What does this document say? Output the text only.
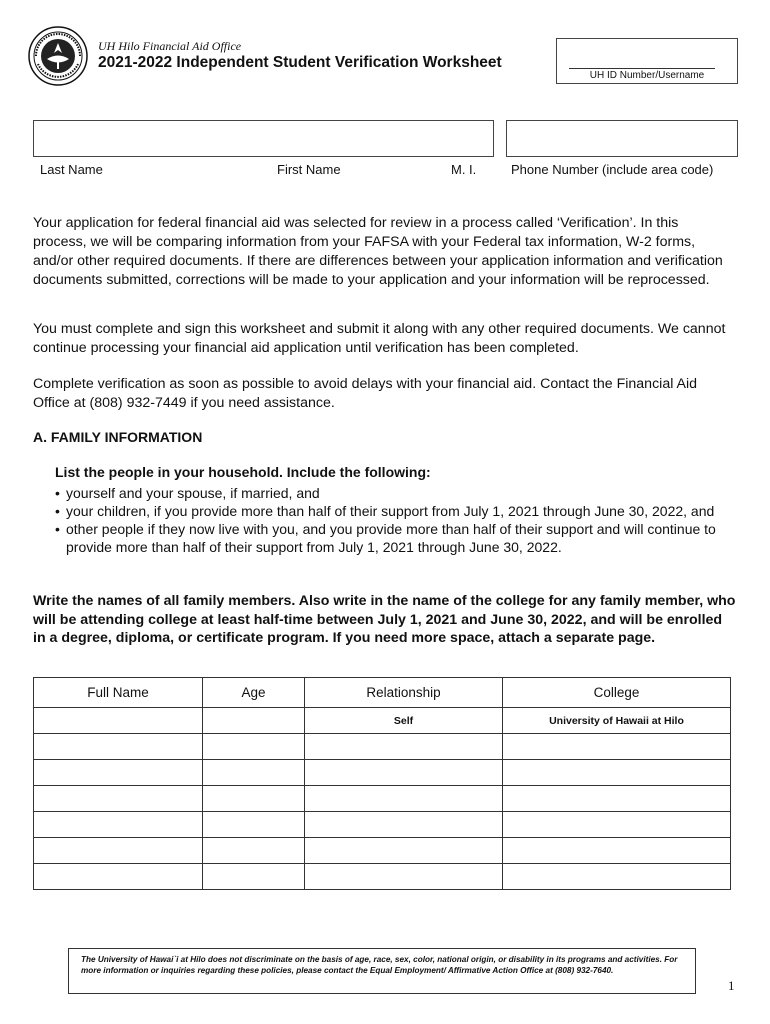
UH Hilo Financial Aid Office
2021-2022 Independent Student Verification Worksheet
UH ID Number/Username
Last Name	First Name	M. I.	Phone Number (include area code)

Your application for federal financial aid was selected for review in a process called ‘Verification’. In this process, we will be comparing information from your FAFSA with your Federal tax information, W-2 forms, and/or other required documents. If there are differences between your application information and verification documents submitted, corrections will be made to your application and your information will be reprocessed.

You must complete and sign this worksheet and submit it along with any other required documents. We cannot continue processing your financial aid application until verification has been completed.

Complete verification as soon as possible to avoid delays with your financial aid. Contact the Financial Aid Office at (808) 932-7449 if you need assistance.

A. FAMILY INFORMATION
List the people in your household. Include the following:
• yourself and your spouse, if married, and
• your children, if you provide more than half of their support from July 1, 2021 through June 30, 2022, and
• other people if they now live with you, and you provide more than half of their support and will continue to provide more than half of their support from July 1, 2021 through June 30, 2022.

Write the names of all family members. Also write in the name of the college for any family member, who will be attending college at least half-time between July 1, 2021 and June 30, 2022, and will be enrolled in a degree, diploma, or certificate program. If you need more space, attach a separate page.

Full Name	Age	Relationship	College
		Self	University of Hawaii at Hilo

The University of Hawai`i at Hilo does not discriminate on the basis of age, race, sex, color, national origin, or disability in its programs and activities. For more information or inquiries regarding these policies, please contact the Equal Employment/ Affirmative Action Office at (808) 932-7640.
1
